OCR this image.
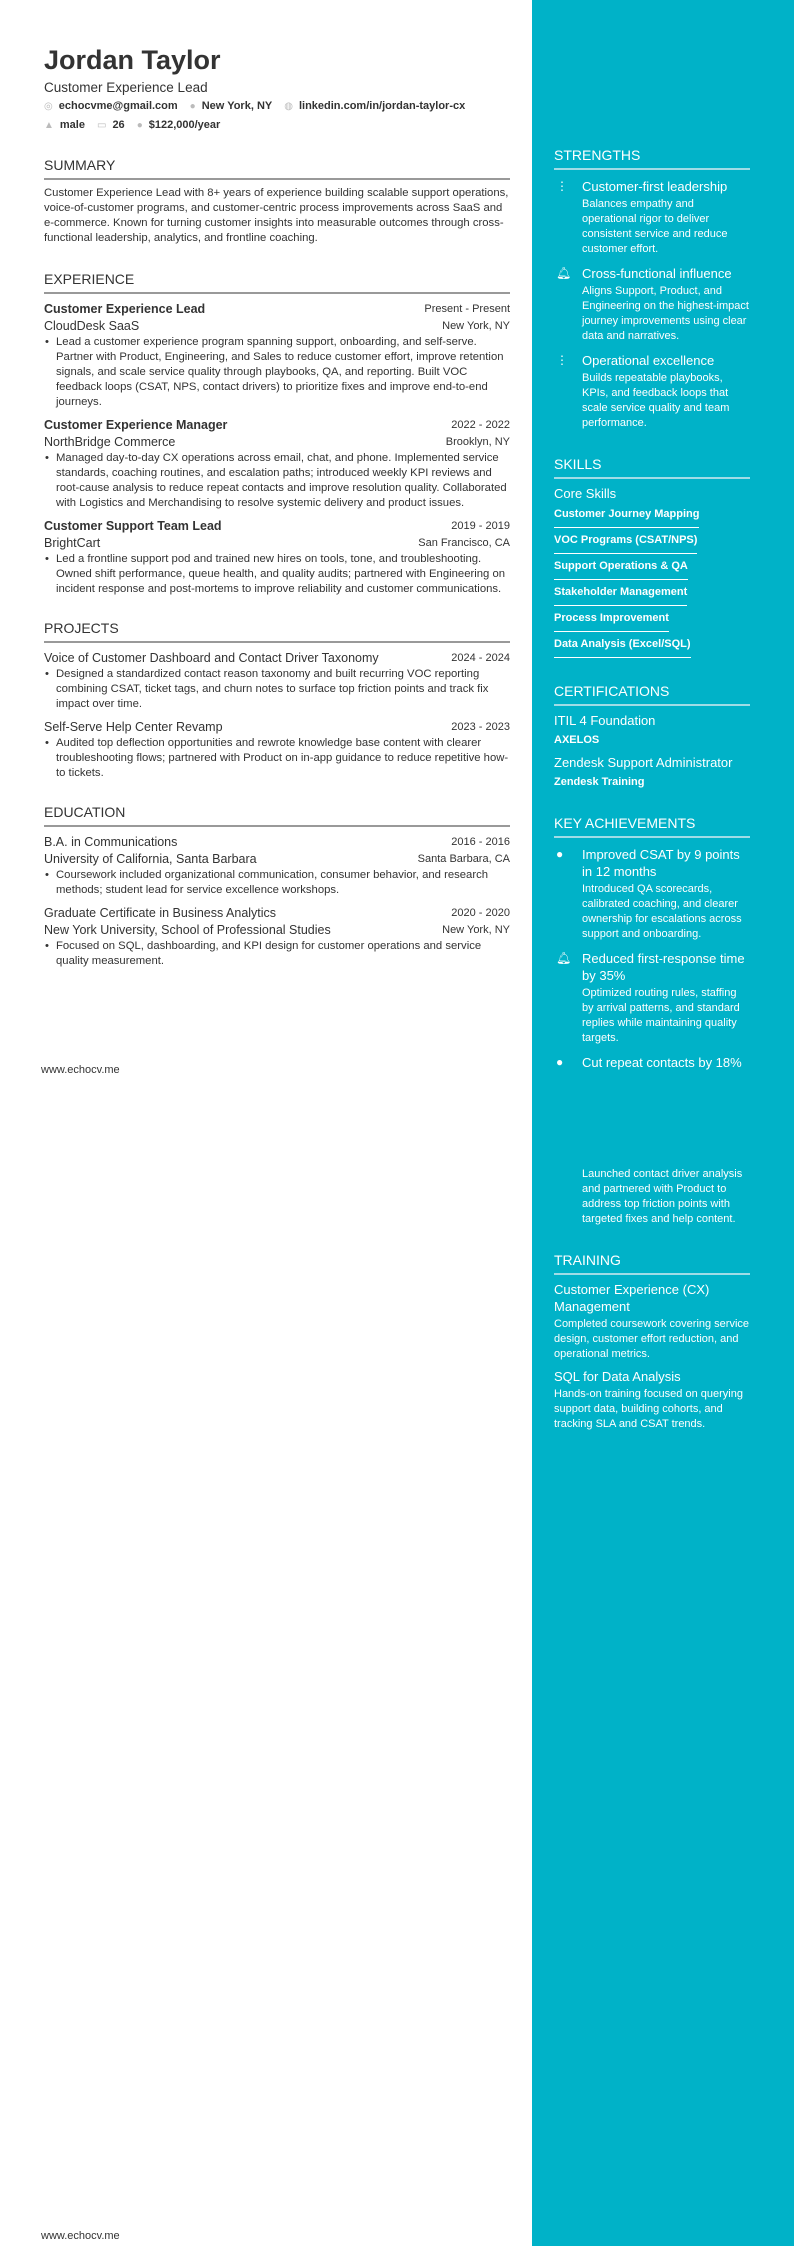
Jordan Taylor
Customer Experience Lead
◎ echocvme@gmail.com ● New York, NY ◍ linkedin.com/in/jordan-taylor-cx
▲ male ▭ 26 ● $122,000/year
SUMMARY
Customer Experience Lead with 8+ years of experience building scalable support operations, voice-of-customer programs, and customer-centric process improvements across SaaS and e-commerce. Known for turning customer insights into measurable outcomes through cross-functional leadership, analytics, and frontline coaching.
EXPERIENCE
Customer Experience Lead	Present - Present
CloudDesk SaaS	New York, NY
• Lead a customer experience program spanning support, onboarding, and self-serve. Partner with Product, Engineering, and Sales to reduce customer effort, improve retention signals, and scale service quality through playbooks, QA, and reporting. Built VOC feedback loops (CSAT, NPS, contact drivers) to prioritize fixes and improve end-to-end journeys.
Customer Experience Manager	2022 - 2022
NorthBridge Commerce	Brooklyn, NY
• Managed day-to-day CX operations across email, chat, and phone. Implemented service standards, coaching routines, and escalation paths; introduced weekly KPI reviews and root-cause analysis to reduce repeat contacts and improve resolution quality. Collaborated with Logistics and Merchandising to resolve systemic delivery and product issues.
Customer Support Team Lead	2019 - 2019
BrightCart	San Francisco, CA
• Led a frontline support pod and trained new hires on tools, tone, and troubleshooting. Owned shift performance, queue health, and quality audits; partnered with Engineering on incident response and post-mortems to improve reliability and customer communications.
PROJECTS
Voice of Customer Dashboard and Contact Driver Taxonomy	2024 - 2024
• Designed a standardized contact reason taxonomy and built recurring VOC reporting combining CSAT, ticket tags, and churn notes to surface top friction points and track fix impact over time.
Self-Serve Help Center Revamp	2023 - 2023
• Audited top deflection opportunities and rewrote knowledge base content with clearer troubleshooting flows; partnered with Product on in-app guidance to reduce repetitive how-to tickets.
EDUCATION
B.A. in Communications	2016 - 2016
University of California, Santa Barbara	Santa Barbara, CA
• Coursework included organizational communication, consumer behavior, and research methods; student lead for service excellence workshops.
Graduate Certificate in Business Analytics	2020 - 2020
New York University, School of Professional Studies	New York, NY
• Focused on SQL, dashboarding, and KPI design for customer operations and service quality measurement.
www.echocv.me
www.echocv.me
STRENGTHS
⋮	Customer-first leadership
Balances empathy and operational rigor to deliver consistent service and reduce customer effort.
🔔︎ Cross-functional influence
Aligns Support, Product, and Engineering on the highest-impact journey improvements using clear data and narratives.
⋮	Operational excellence
Builds repeatable playbooks, KPIs, and feedback loops that scale service quality and team performance.
SKILLS
Core Skills
Customer Journey Mapping
VOC Programs (CSAT/NPS)
Support Operations & QA
Stakeholder Management
Process Improvement
Data Analysis (Excel/SQL)
CERTIFICATIONS
ITIL 4 Foundation
AXELOS
Zendesk Support Administrator
Zendesk Training
KEY ACHIEVEMENTS
●	Improved CSAT by 9 points in 12 months
Introduced QA scorecards, calibrated coaching, and clearer ownership for escalations across support and onboarding.
🔔︎ Reduced first-response time by 35%
Optimized routing rules, staffing by arrival patterns, and standard replies while maintaining quality targets.
●	Cut repeat contacts by 18%
Launched contact driver analysis and partnered with Product to address top friction points with targeted fixes and help content.
TRAINING
Customer Experience (CX) Management
Completed coursework covering service design, customer effort reduction, and operational metrics.
SQL for Data Analysis
Hands-on training focused on querying support data, building cohorts, and tracking SLA and CSAT trends.
